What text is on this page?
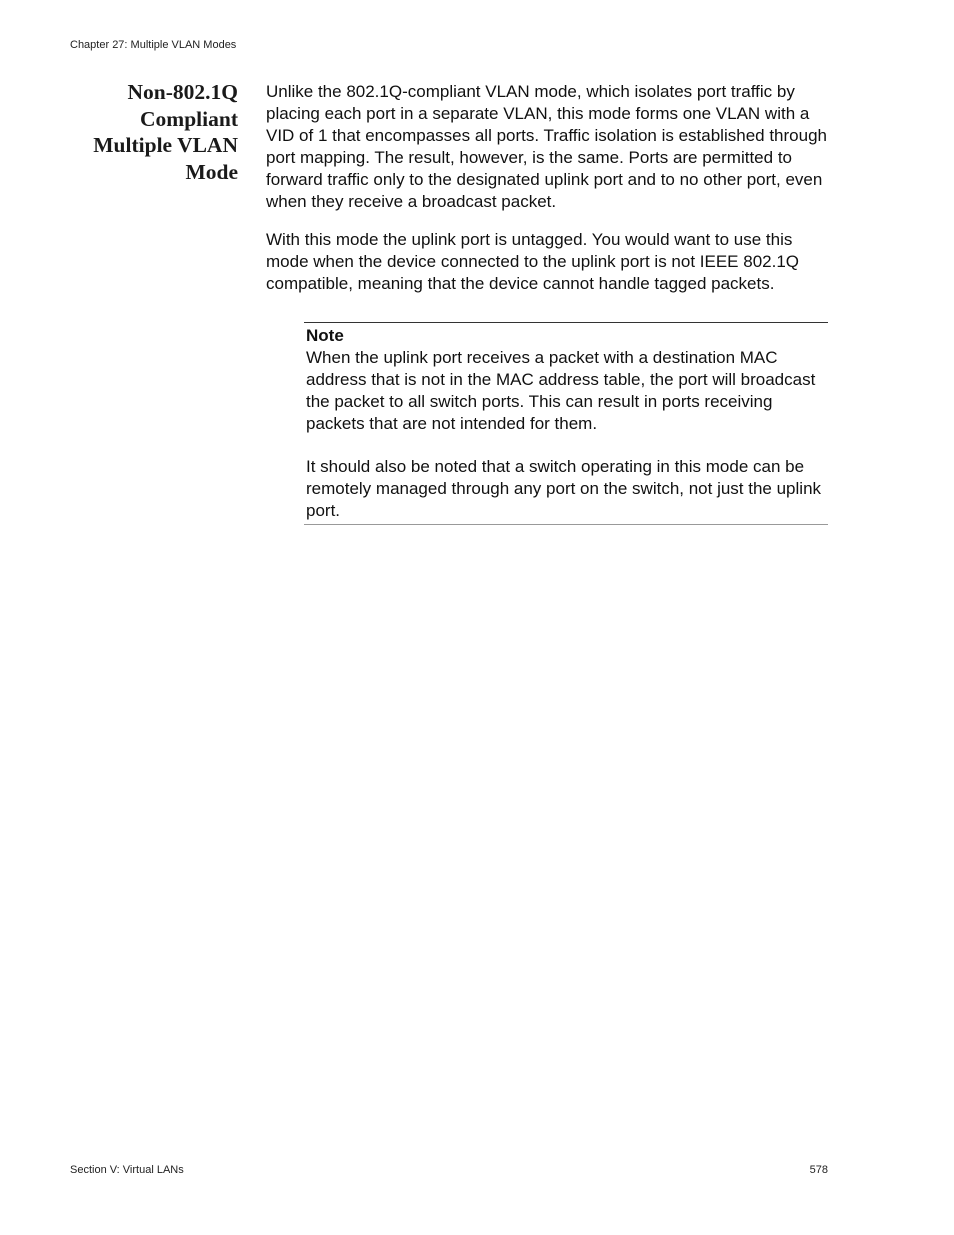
Chapter 27: Multiple VLAN Modes
Non-802.1Q
Compliant
Multiple VLAN
Mode

Unlike the 802.1Q-compliant VLAN mode, which isolates port traffic by placing each port in a separate VLAN, this mode forms one VLAN with a VID of 1 that encompasses all ports. Traffic isolation is established through port mapping. The result, however, is the same. Ports are permitted to forward traffic only to the designated uplink port and to no other port, even when they receive a broadcast packet.

With this mode the uplink port is untagged. You would want to use this mode when the device connected to the uplink port is not IEEE 802.1Q compatible, meaning that the device cannot handle tagged packets.

Note

When the uplink port receives a packet with a destination MAC address that is not in the MAC address table, the port will broadcast the packet to all switch ports. This can result in ports receiving packets that are not intended for them.

It should also be noted that a switch operating in this mode can be remotely managed through any port on the switch, not just the uplink port.

Section V: Virtual LANs	578
